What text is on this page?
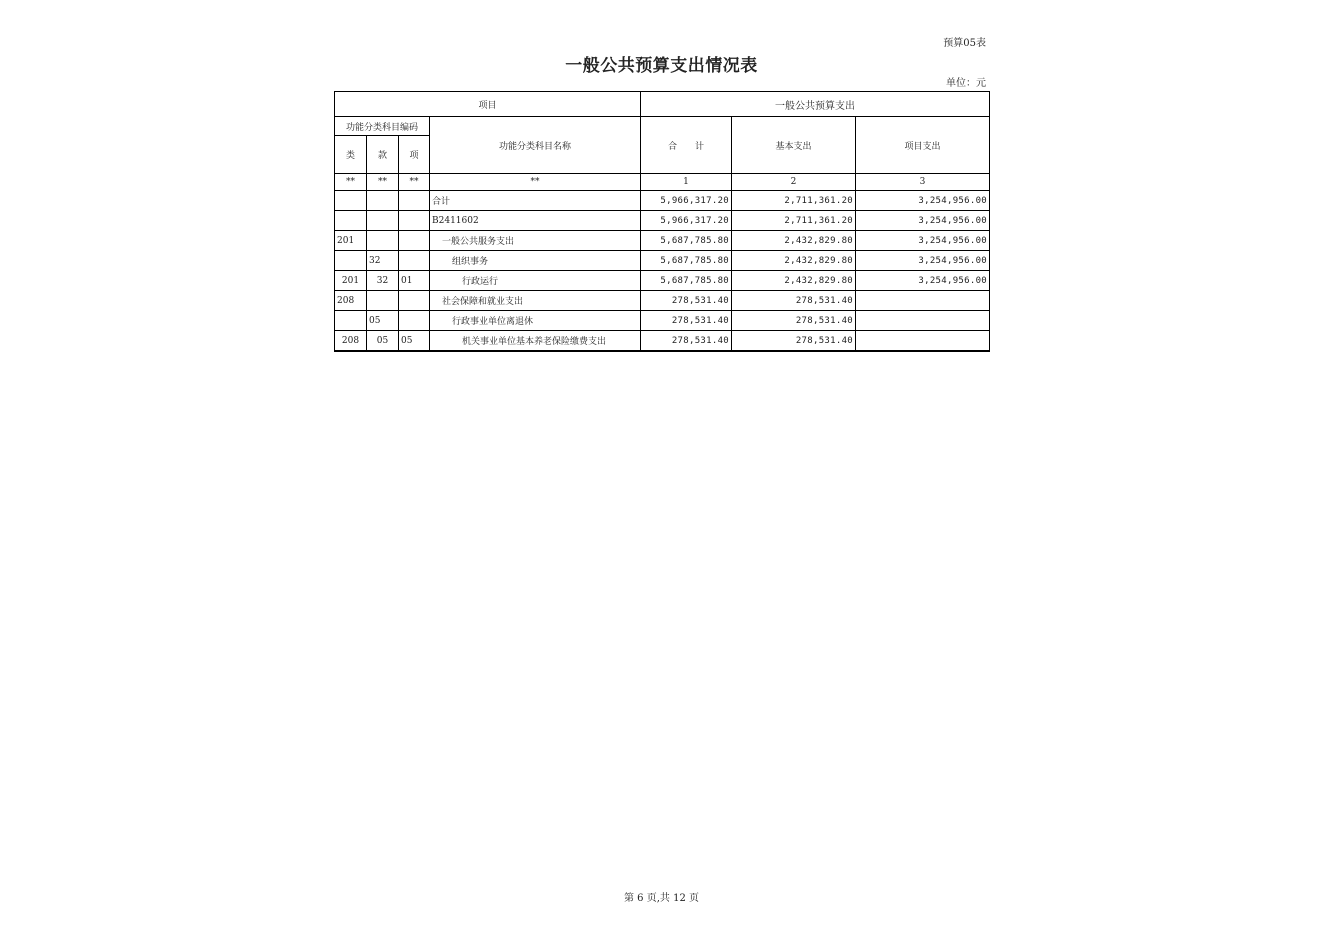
预算05表
一般公共预算支出情况表
单位：元
项目				一般公共预算支出		
功能分类科目编码			功能分类科目名称	合　　计	基本支出	项目支出
类	款	项				
**	**	**	**	1	2	3
			合计	5,966,317.20	2,711,361.20	3,254,956.00
			B2411602	5,966,317.20	2,711,361.20	3,254,956.00
201			一般公共服务支出	5,687,785.80	2,432,829.80	3,254,956.00
	32		组织事务	5,687,785.80	2,432,829.80	3,254,956.00
201	32	01	行政运行	5,687,785.80	2,432,829.80	3,254,956.00
208			社会保障和就业支出	278,531.40	278,531.40	
	05		行政事业单位离退休	278,531.40	278,531.40	
208	05	05	机关事业单位基本养老保险缴费支出	278,531.40	278,531.40	
第 6 页,共 12 页
